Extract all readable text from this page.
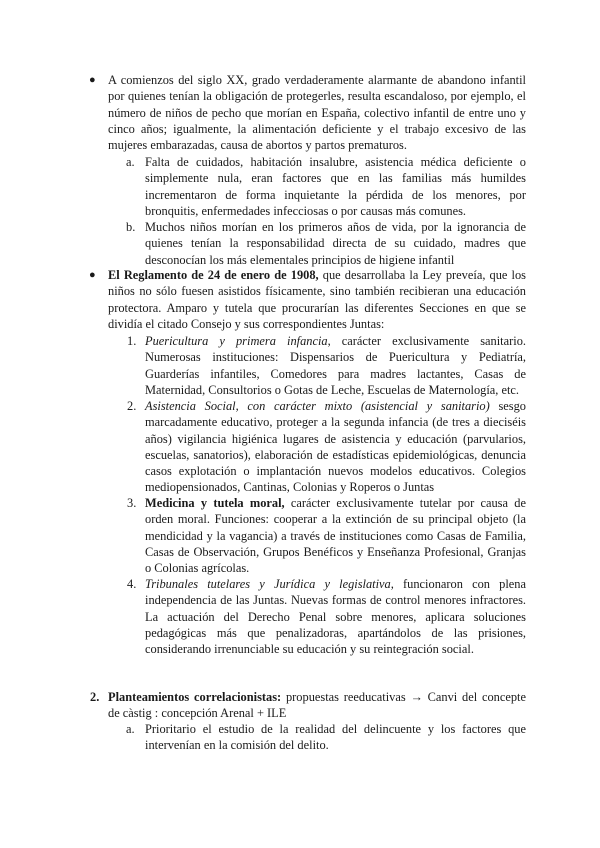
● A comienzos del siglo XX, grado verdaderamente alarmante de abandono infantil por quienes tenían la obligación de protegerles, resulta escandaloso, por ejemplo, el número de niños de pecho que morían en España, colectivo infantil de entre uno y cinco años; igualmente, la alimentación deficiente y el trabajo excesivo de las mujeres embarazadas, causa de abortos y partos prematuros.
a. Falta de cuidados, habitación insalubre, asistencia médica deficiente o simplemente nula, eran factores que en las familias más humildes incrementaron de forma inquietante la pérdida de los menores, por bronquitis, enfermedades infecciosas o por causas más comunes.
b. Muchos niños morían en los primeros años de vida, por la ignorancia de quienes tenían la responsabilidad directa de su cuidado, madres que desconocían los más elementales principios de higiene infantil
● El Reglamento de 24 de enero de 1908, que desarrollaba la Ley preveía, que los niños no sólo fuesen asistidos físicamente, sino también recibieran una educación protectora. Amparo y tutela que procurarían las diferentes Secciones en que se dividía el citado Consejo y sus correspondientes Juntas:
1. Puericultura y primera infancia, carácter exclusivamente sanitario. Numerosas instituciones: Dispensarios de Puericultura y Pediatría, Guarderías infantiles, Comedores para madres lactantes, Casas de Maternidad, Consultorios o Gotas de Leche, Escuelas de Maternología, etc.
2. Asistencia Social, con carácter mixto (asistencial y sanitario) sesgo marcadamente educativo, proteger a la segunda infancia (de tres a dieciséis años) vigilancia higiénica lugares de asistencia y educación (parvularios, escuelas, sanatorios), elaboración de estadísticas epidemiológicas, denuncia casos explotación o implantación nuevos modelos educativos. Colegios mediopensionados, Cantinas, Colonias y Roperos o Juntas
3. Medicina y tutela moral, carácter exclusivamente tutelar por causa de orden moral. Funciones: cooperar a la extinción de su principal objeto (la mendicidad y la vagancia) a través de instituciones como Casas de Familia, Casas de Observación, Grupos Benéficos y Enseñanza Profesional, Granjas o Colonias agrícolas.
4. Tribunales tutelares y Jurídica y legislativa, funcionaron con plena independencia de las Juntas. Nuevas formas de control menores infractores. La actuación del Derecho Penal sobre menores, aplicara soluciones pedagógicas más que penalizadoras, apartándolos de las prisiones, considerando irrenunciable su educación y su reintegración social.
2. Planteamientos correlacionistas: propuestas reeducativas → Canvi del concepte de càstig : concepción Arenal + ILE
a. Prioritario el estudio de la realidad del delincuente y los factores que intervenían en la comisión del delito.
